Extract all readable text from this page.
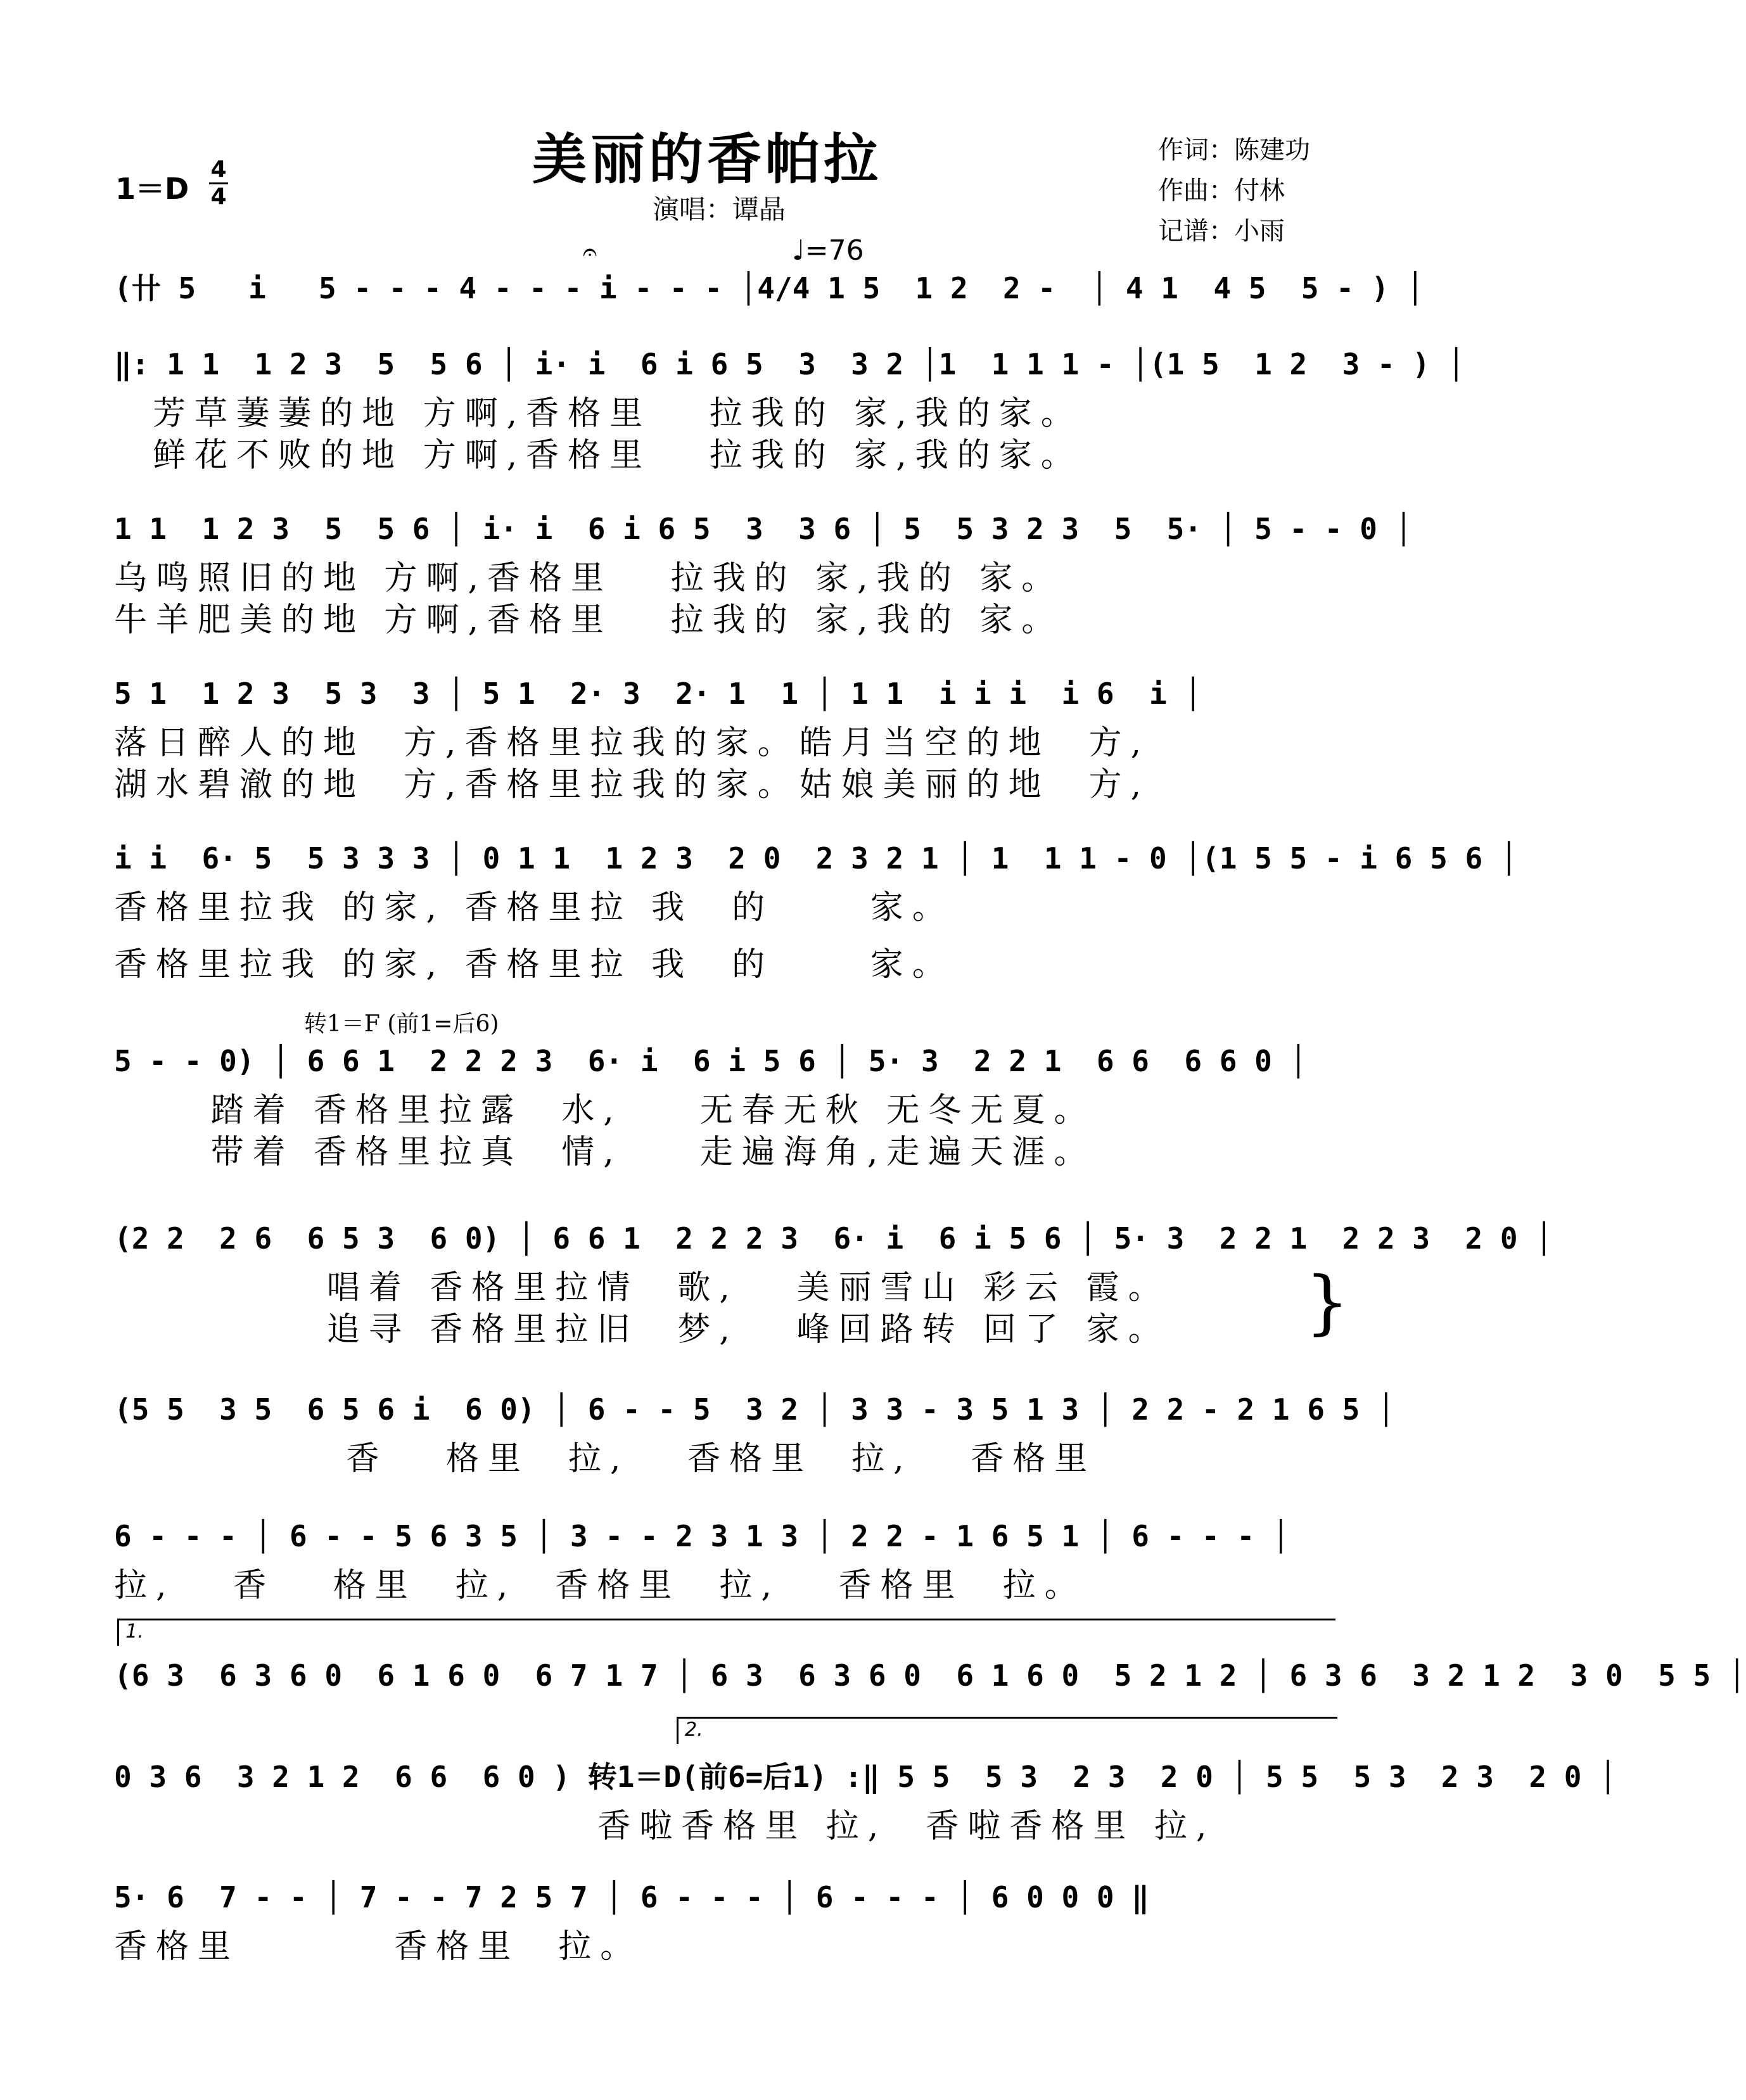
美丽的香帕拉
演唱：谭晶
作词：陈建功
作曲：付林
记谱：小雨
1＝D
4
4
𝄐	♩=76
(卄 5   i   5 - - - 4 - - - i - - - │4/4 1 5  1 2  2 -  │ 4 1  4 5  5 - ) │
‖: 1 1  1 2 3  5  5 6 │ i· i  6 i 6 5  3  3 2 │1  1 1 1 - │(1 5  1 2  3 - ) │
芳草萋萋的地 方啊,香格里   拉我的 家,我的家。
鲜花不败的地 方啊,香格里   拉我的 家,我的家。
1 1  1 2 3  5  5 6 │ i· i  6 i 6 5  3  3 6 │ 5  5 3 2 3  5  5· │ 5 - - 0 │
乌鸣照旧的地 方啊,香格里   拉我的 家,我的 家。
牛羊肥美的地 方啊,香格里   拉我的 家,我的 家。
5 1  1 2 3  5 3  3 │ 5 1  2· 3  2· 1  1 │ 1 1  i i i  i 6  i │
落日醉人的地  方,香格里拉我的家。皓月当空的地  方,
湖水碧澈的地  方,香格里拉我的家。姑娘美丽的地  方,
i i  6· 5  5 3 3 3 │ 0 1 1  1 2 3  2 0  2 3 2 1 │ 1  1 1 - 0 │(1 5 5 - i 6 5 6 │
香格里拉我 的家, 香格里拉 我  的     家。
香格里拉我 的家, 香格里拉 我  的     家。
转1＝F (前1=后6)
5 - - 0) │ 6 6 1  2 2 2 3  6· i  6 i 5 6 │ 5· 3  2 2 1  6 6  6 6 0 │
踏着 香格里拉露  水,    无春无秋 无冬无夏。
带着 香格里拉真  情,    走遍海角,走遍天涯。
(2 2  2 6  6 5 3  6 0) │ 6 6 1  2 2 2 3  6· i  6 i 5 6 │ 5· 3  2 2 1  2 2 3  2 0 │
唱着 香格里拉情  歌,   美丽雪山 彩云 霞。
追寻 香格里拉旧  梦,   峰回路转 回了 家。	}
(5 5  3 5  6 5 6 i  6 0) │ 6 - - 5  3 2 │ 3 3 - 3 5 1 3 │ 2 2 - 2 1 6 5 │
香   格里  拉,   香格里  拉,   香格里
6 - - - │ 6 - - 5 6 3 5 │ 3 - - 2 3 1 3 │ 2 2 - 1 6 5 1 │ 6 - - - │
拉,   香   格里  拉,  香格里  拉,   香格里  拉。
1.
(6 3  6 3 6 0  6 1 6 0  6 7 1 7 │ 6 3  6 3 6 0  6 1 6 0  5 2 1 2 │ 6 3 6  3 2 1 2  3 0  5 5 │
2.
0 3 6  3 2 1 2  6 6  6 0 ) 转1＝D(前6=后1) :‖ 5 5  5 3  2 3  2 0 │ 5 5  5 3  2 3  2 0 │
香啦香格里 拉,  香啦香格里 拉,
5· 6  7 - - │ 7 - - 7 2 5 7 │ 6 - - - │ 6 - - - │ 6 0 0 0 ‖
香格里        香格里  拉。
